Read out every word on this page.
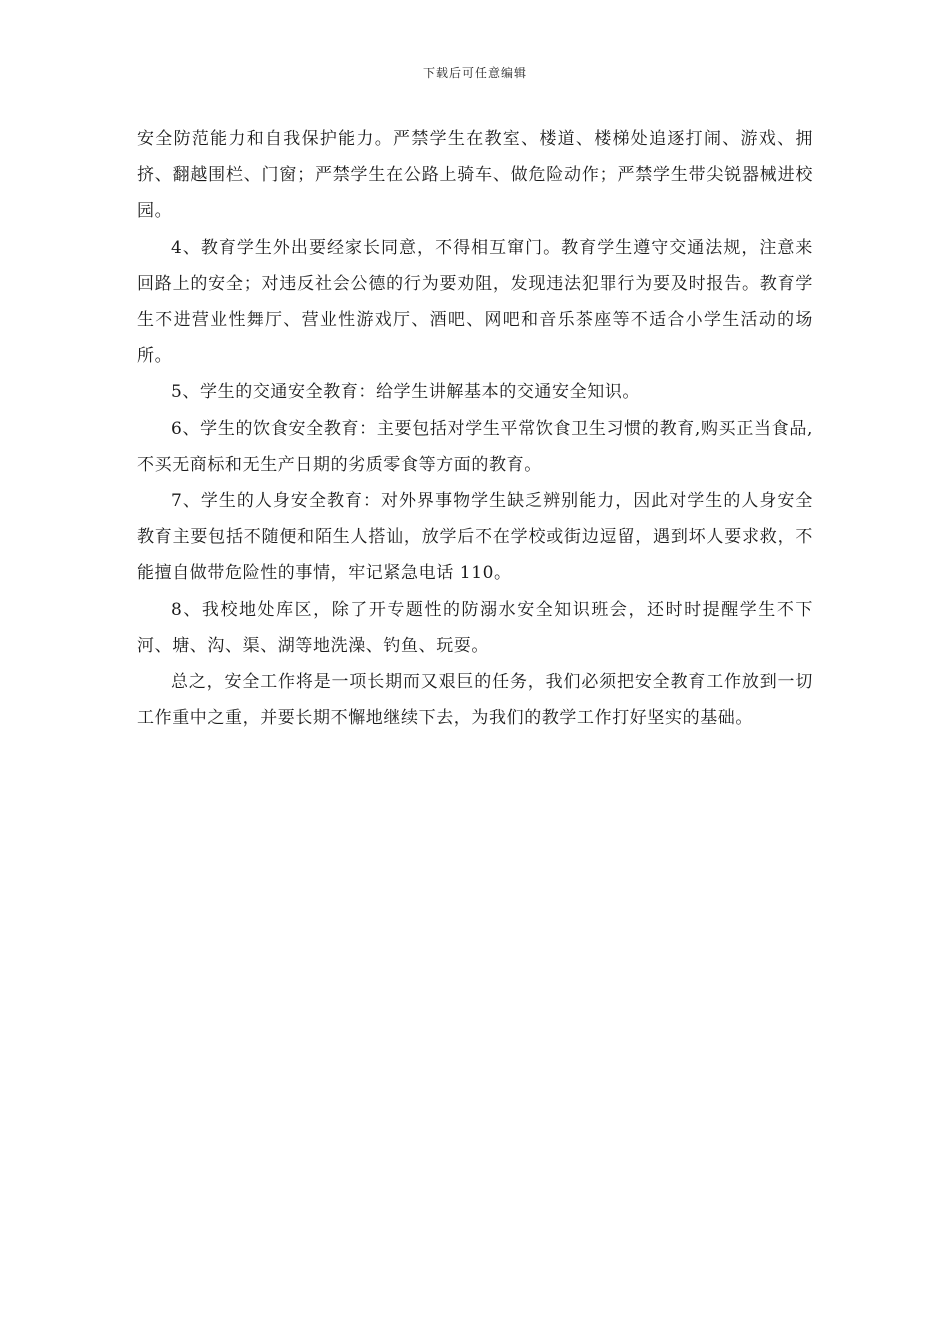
下载后可任意编辑

安全防范能力和自我保护能力。严禁学生在教室、楼道、楼梯处追逐打闹、游戏、拥挤、翻越围栏、门窗；严禁学生在公路上骑车、做危险动作；严禁学生带尖锐器械进校园。

4、教育学生外出要经家长同意，不得相互窜门。教育学生遵守交通法规，注意来回路上的安全；对违反社会公德的行为要劝阻，发现违法犯罪行为要及时报告。教育学生不进营业性舞厅、营业性游戏厅、酒吧、网吧和音乐茶座等不适合小学生活动的场所。

5、学生的交通安全教育：给学生讲解基本的交通安全知识。

6、学生的饮食安全教育：主要包括对学生平常饮食卫生习惯的教育,购买正当食品,不买无商标和无生产日期的劣质零食等方面的教育。

7、学生的人身安全教育：对外界事物学生缺乏辨别能力，因此对学生的人身安全教育主要包括不随便和陌生人搭讪，放学后不在学校或街边逗留，遇到坏人要求救，不能擅自做带危险性的事情，牢记紧急电话 110。

8、我校地处库区，除了开专题性的防溺水安全知识班会，还时时提醒学生不下河、塘、沟、渠、湖等地洗澡、钓鱼、玩耍。

总之，安全工作将是一项长期而又艰巨的任务，我们必须把安全教育工作放到一切工作重中之重，并要长期不懈地继续下去，为我们的教学工作打好坚实的基础。
